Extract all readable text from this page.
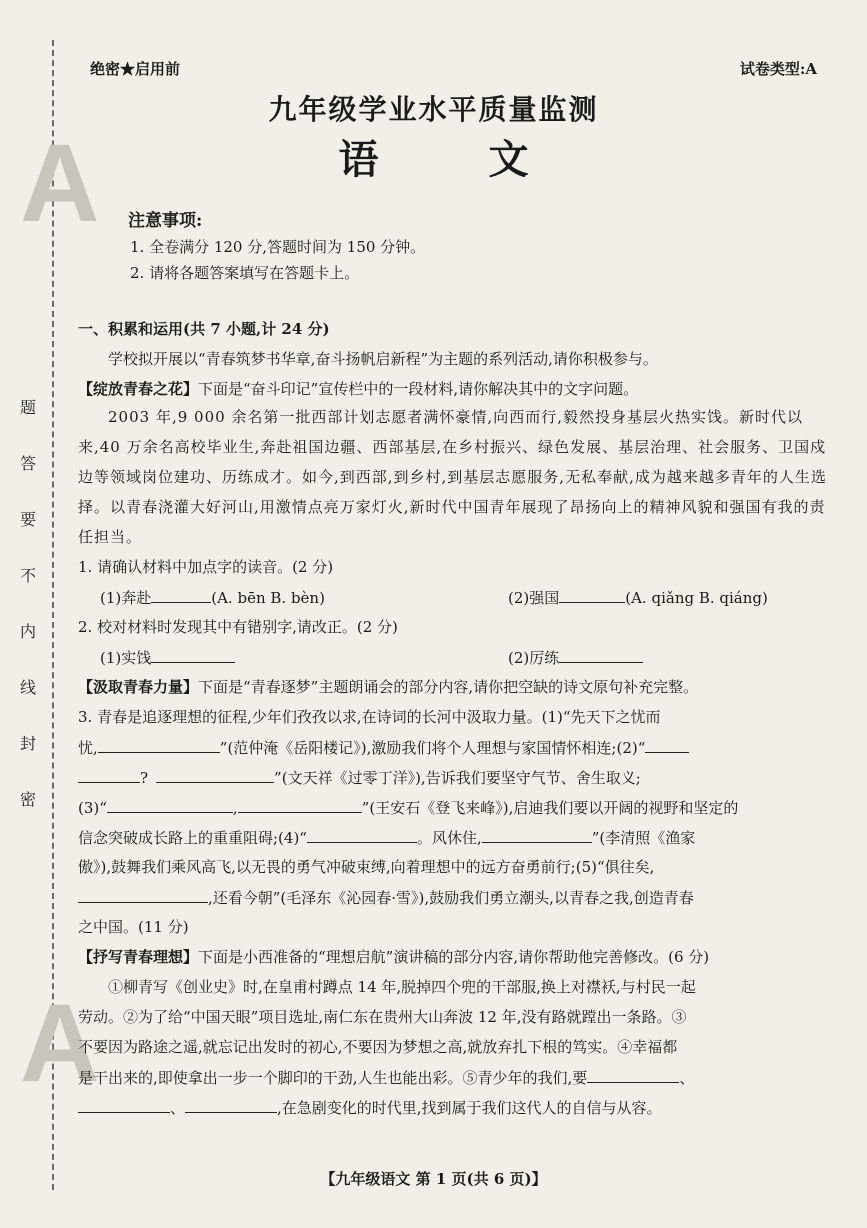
A
A
题
答
要
不
内
线
封
密
绝密★启用前	试卷类型:A
九年级学业水平质量监测
语文
注意事项:
1. 全卷满分 120 分,答题时间为 150 分钟。
2. 请将各题答案填写在答题卡上。
一、积累和运用(共 7 小题,计 24 分)
学校拟开展以“青春筑梦书华章,奋斗扬帆启新程”为主题的系列活动,请你积极参与。
【绽放青春之花】下面是“奋斗印记”宣传栏中的一段材料,请你解决其中的文字问题。
2003 年,9 000 余名第一批西部计划志愿者满怀豪情,向西而行,毅然投身基层火热实饯。新时代以来,40 万余名高校毕业生,奔赴祖国边疆、西部基层,在乡村振兴、绿色发展、基层治理、社会服务、卫国戍边等领域岗位建功、历练成才。如今,到西部,到乡村,到基层志愿服务,无私奉献,成为越来越多青年的人生选择。以青春浇灌大好河山,用激情点亮万家灯火,新时代中国青年展现了昂扬向上的精神风貌和强国有我的责任担当。
1. 请确认材料中加点字的读音。(2 分)
(1)奔赴	(A. bēn B. bèn)	(2)强国	(A. qiǎng B. qiáng)
2. 校对材料时发现其中有错别字,请改正。(2 分)
(1)实饯	(2)厉练
【汲取青春力量】下面是“青春逐梦”主题朗诵会的部分内容,请你把空缺的诗文原句补充完整。
3. 青春是追逐理想的征程,少年们孜孜以求,在诗词的长河中汲取力量。(1)“先天下之忧而
忧,	”(范仲淹《岳阳楼记》),激励我们将个人理想与家国情怀相连;(2)“
?	”(文天祥《过零丁洋》),告诉我们要坚守气节、舍生取义;
(3)“	,	”(王安石《登飞来峰》),启迪我们要以开阔的视野和坚定的
信念突破成长路上的重重阻碍;(4)“	。风休住,	”(李清照《渔家
傲》),鼓舞我们乘风高飞,以无畏的勇气冲破束缚,向着理想中的远方奋勇前行;(5)“俱往矣,
,还看今朝”(毛泽东《沁园春·雪》),鼓励我们勇立潮头,以青春之我,创造青春
之中国。(11 分)
【抒写青春理想】下面是小西准备的“理想启航”演讲稿的部分内容,请你帮助他完善修改。(6 分)
①柳青写《创业史》时,在皇甫村蹲点 14 年,脱掉四个兜的干部服,换上对襟袄,与村民一起
劳动。②为了给“中国天眼”项目选址,南仁东在贵州大山奔波 12 年,没有路就蹚出一条路。③
不要因为路途之遥,就忘记出发时的初心,不要因为梦想之高,就放弃扎下根的笃实。④幸福都
是干出来的,即使拿出一步一个脚印的干劲,人生也能出彩。⑤青少年的我们,要	、
、	,在急剧变化的时代里,找到属于我们这代人的自信与从容。
【九年级语文 第 1 页(共 6 页)】
